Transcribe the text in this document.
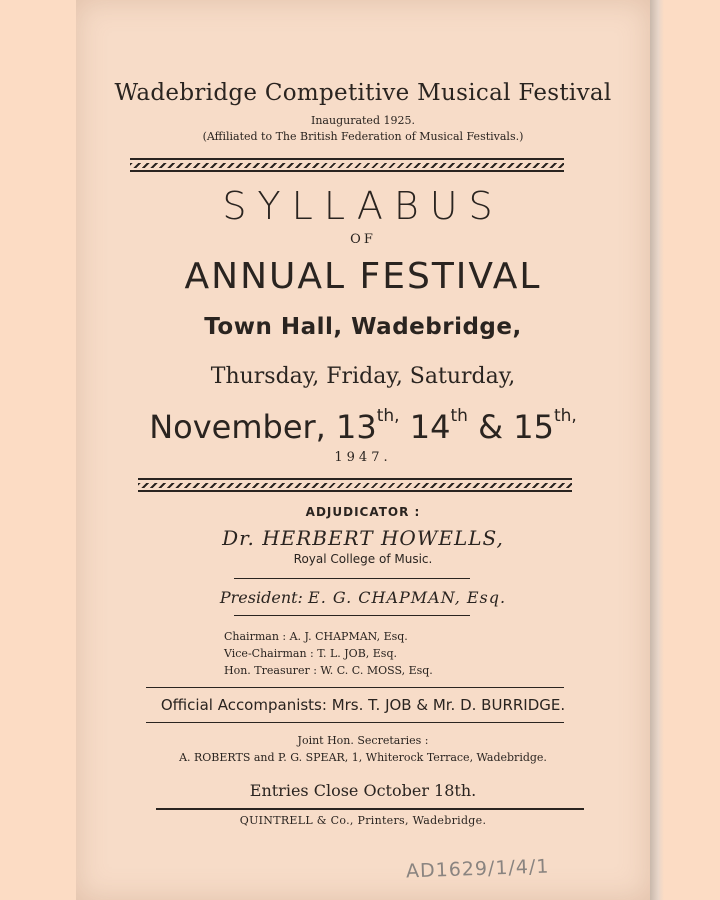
Wadebridge Competitive Musical Festival
Inaugurated 1925.
(Affiliated to The British Federation of Musical Festivals.)
SYLLABUS
OF
ANNUAL FESTIVAL
Town Hall, Wadebridge,
Thursday, Friday, Saturday,
November, $13^{th,}$ 14th & $15^{th,}$
1947.
ADJUDICATOR :
Dr. HERBERT HOWELLS,
Royal College of Music.
President: E. G. CHAPMAN, Esq.
Chairman : A. J. CHAPMAN, Esq.
Vice-Chairman : T. L. JOB, Esq.
Hon. Treasurer : W. C. C. MOSS, Esq.
Official Accompanists: Mrs. T. JOB & Mr. D. BURRIDGE.
Joint Hon. Secretaries :
A. ROBERTS and P. G. SPEAR, 1, Whiterock Terrace, Wadebridge.
Entries Close October 18th.
QUINTRELL & Co., Printers, Wadebridge.
AD1629/1/4/1
